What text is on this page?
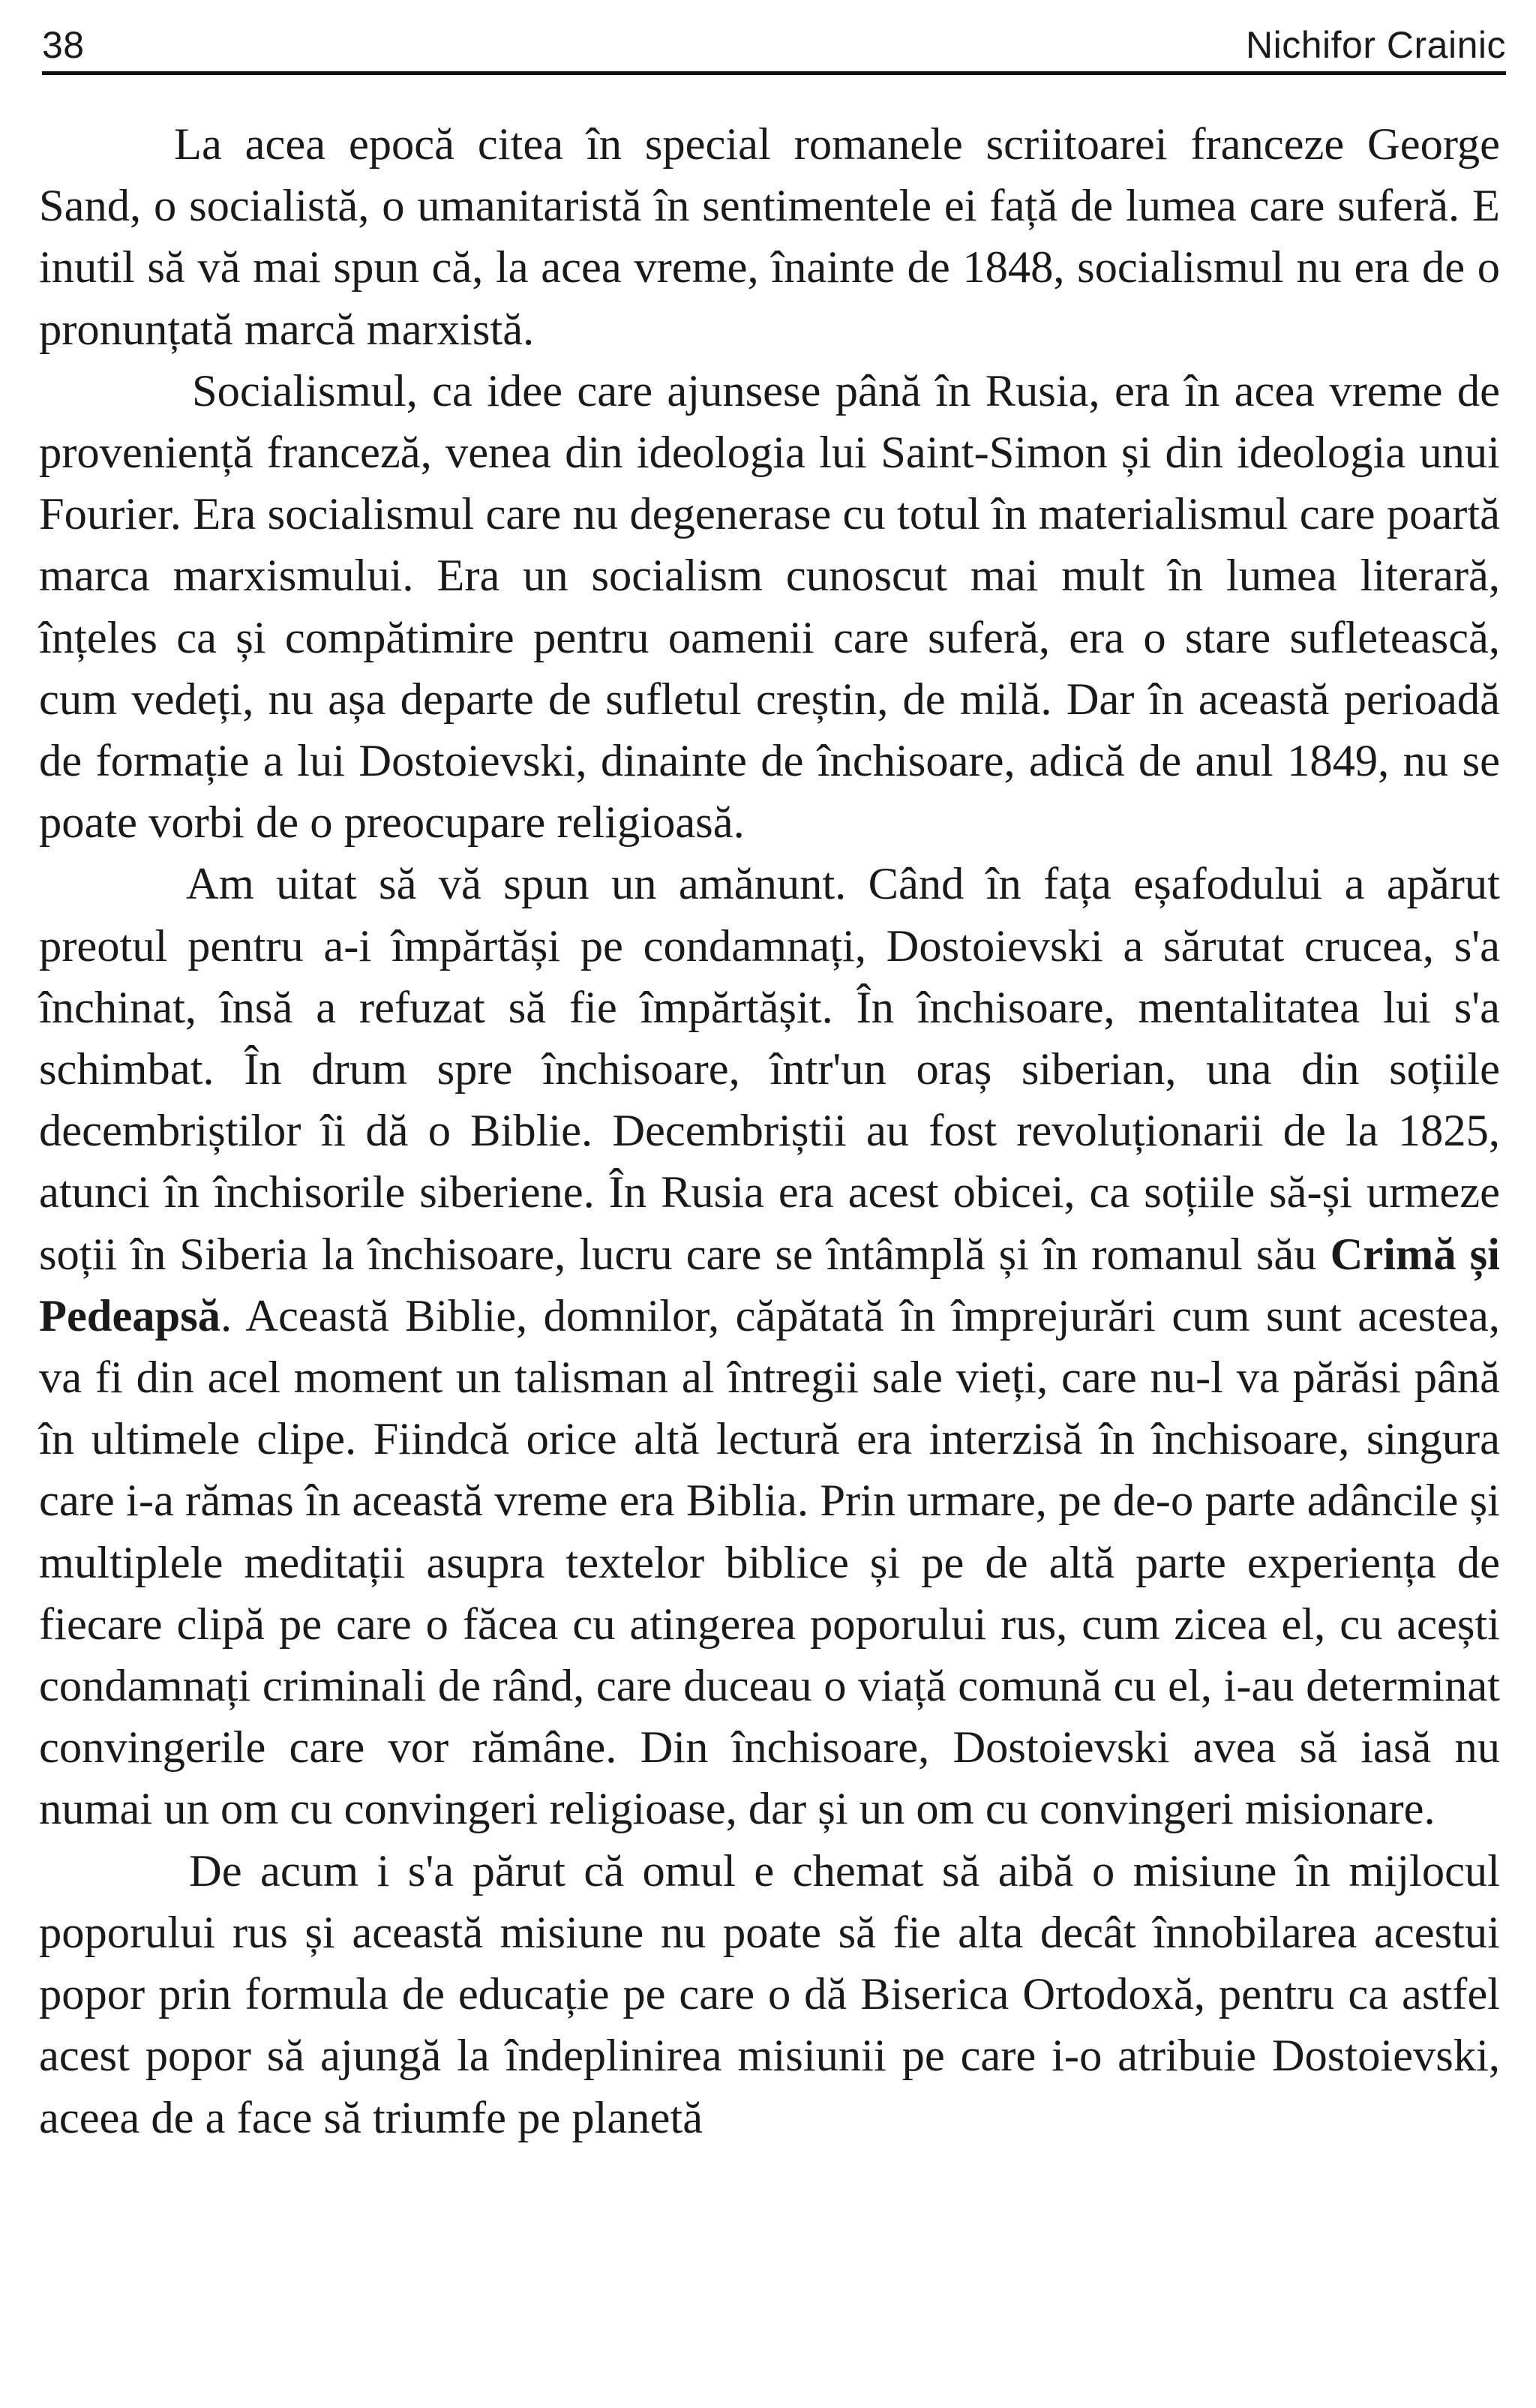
38	Nichifor Crainic

La acea epocă citea în special romanele scriitoarei franceze George Sand, o socialistă, o umanitaristă în sentimentele ei față de lumea care suferă. E inutil să vă mai spun că, la acea vreme, înainte de 1848, socialismul nu era de o pronunțată marcă marxistă.

Socialismul, ca idee care ajunsese până în Rusia, era în acea vreme de proveniență franceză, venea din ideologia lui Saint-Simon și din ideologia unui Fourier. Era socialismul care nu degenerase cu totul în materialismul care poartă marca marxismului. Era un socialism cunoscut mai mult în lumea literară, înțeles ca și compătimire pentru oamenii care suferă, era o stare sufletească, cum vedeți, nu așa departe de sufletul creștin, de milă. Dar în această perioadă de formație a lui Dostoievski, dinainte de închisoare, adică de anul 1849, nu se poate vorbi de o preocupare religioasă.

Am uitat să vă spun un amănunt. Când în fața eșafodului a apărut preotul pentru a-i împărtăși pe condamnați, Dostoievski a sărutat crucea, s'a închinat, însă a refuzat să fie împărtășit. În închisoare, mentalitatea lui s'a schimbat. În drum spre închisoare, într'un oraș siberian, una din soțiile decembriștilor îi dă o Biblie. Decembriștii au fost revoluționarii de la 1825, atunci în închisorile siberiene. În Rusia era acest obicei, ca soțiile să-și urmeze soții în Siberia la închisoare, lucru care se întâmplă și în romanul său Crimă și Pedeapsă. Această Biblie, domnilor, căpătată în împrejurări cum sunt acestea, va fi din acel moment un talisman al întregii sale vieți, care nu-l va părăsi până în ultimele clipe. Fiindcă orice altă lectură era interzisă în închisoare, singura care i-a rămas în această vreme era Biblia. Prin urmare, pe de-o parte adâncile și multiplele meditații asupra textelor biblice și pe de altă parte experiența de fiecare clipă pe care o făcea cu atingerea poporului rus, cum zicea el, cu acești condamnați criminali de rând, care duceau o viață comună cu el, i-au determinat convingerile care vor rămâne. Din închisoare, Dostoievski avea să iasă nu numai un om cu convingeri religioase, dar și un om cu convingeri misionare.

De acum i s'a părut că omul e chemat să aibă o misiune în mijlocul poporului rus și această misiune nu poate să fie alta decât înnobilarea acestui popor prin formula de educație pe care o dă Biserica Ortodoxă, pentru ca astfel acest popor să ajungă la îndeplinirea misiunii pe care i-o atribuie Dostoievski, aceea de a face să triumfe pe planetă
